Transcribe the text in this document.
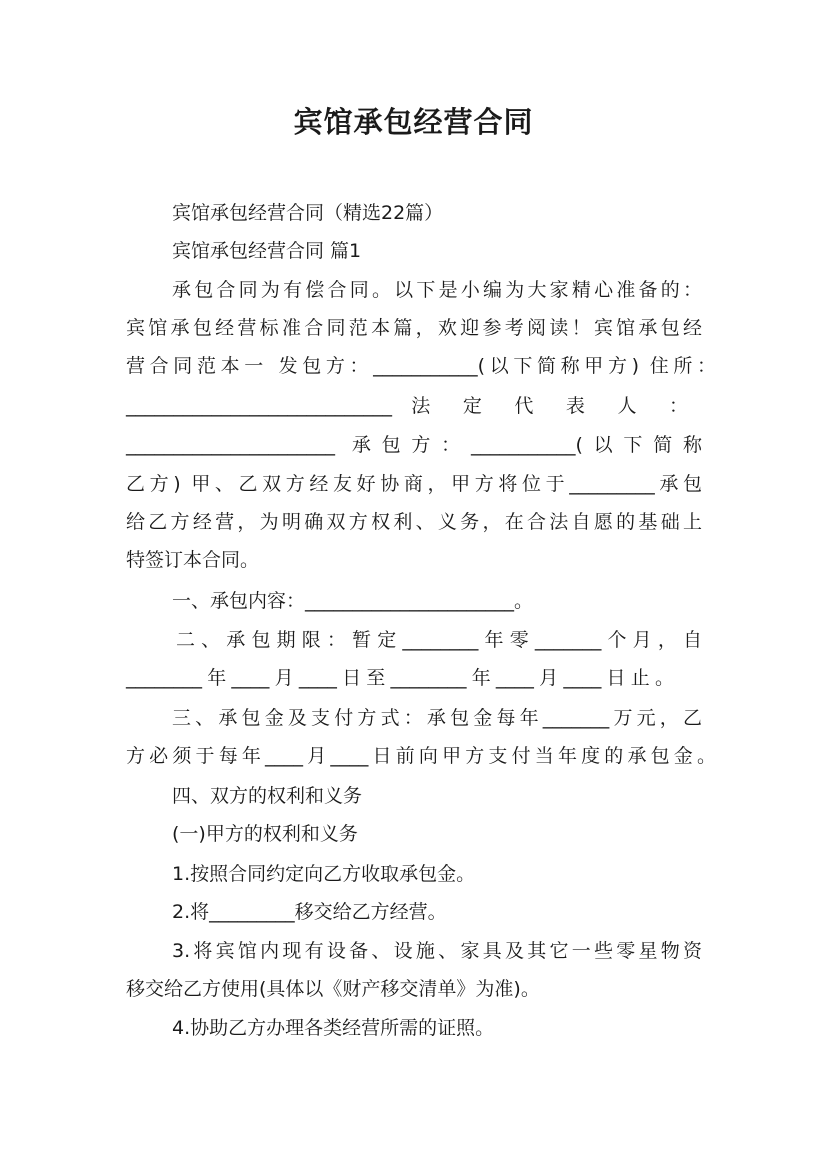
宾馆承包经营合同
宾馆承包经营合同（精选22篇）
宾馆承包经营合同 篇1
承包合同为有偿合同。以下是小编为大家精心准备的：
宾馆承包经营标准合同范本篇，欢迎参考阅读！宾馆承包经
营合同范本一 发包方：___________(以下简称甲方) 住所：
____________________________ 法 定 代 表 人 ：
______________________ 承包方：___________(以下简称
乙方) 甲、乙双方经友好协商，甲方将位于_________承包
给乙方经营，为明确双方权利、义务，在合法自愿的基础上
特签订本合同。
一、承包内容：______________________。
二、承包期限：暂定________年零_______个月，自
________年____月____日至________年____月____日止。
三、承包金及支付方式：承包金每年_______万元，乙
方必须于每年____月____日前向甲方支付当年度的承包金。
四、双方的权利和义务
(一)甲方的权利和义务
1.按照合同约定向乙方收取承包金。
2.将_________移交给乙方经营。
3.将宾馆内现有设备、设施、家具及其它一些零星物资
移交给乙方使用(具体以《财产移交清单》为准)。
4.协助乙方办理各类经营所需的证照。
